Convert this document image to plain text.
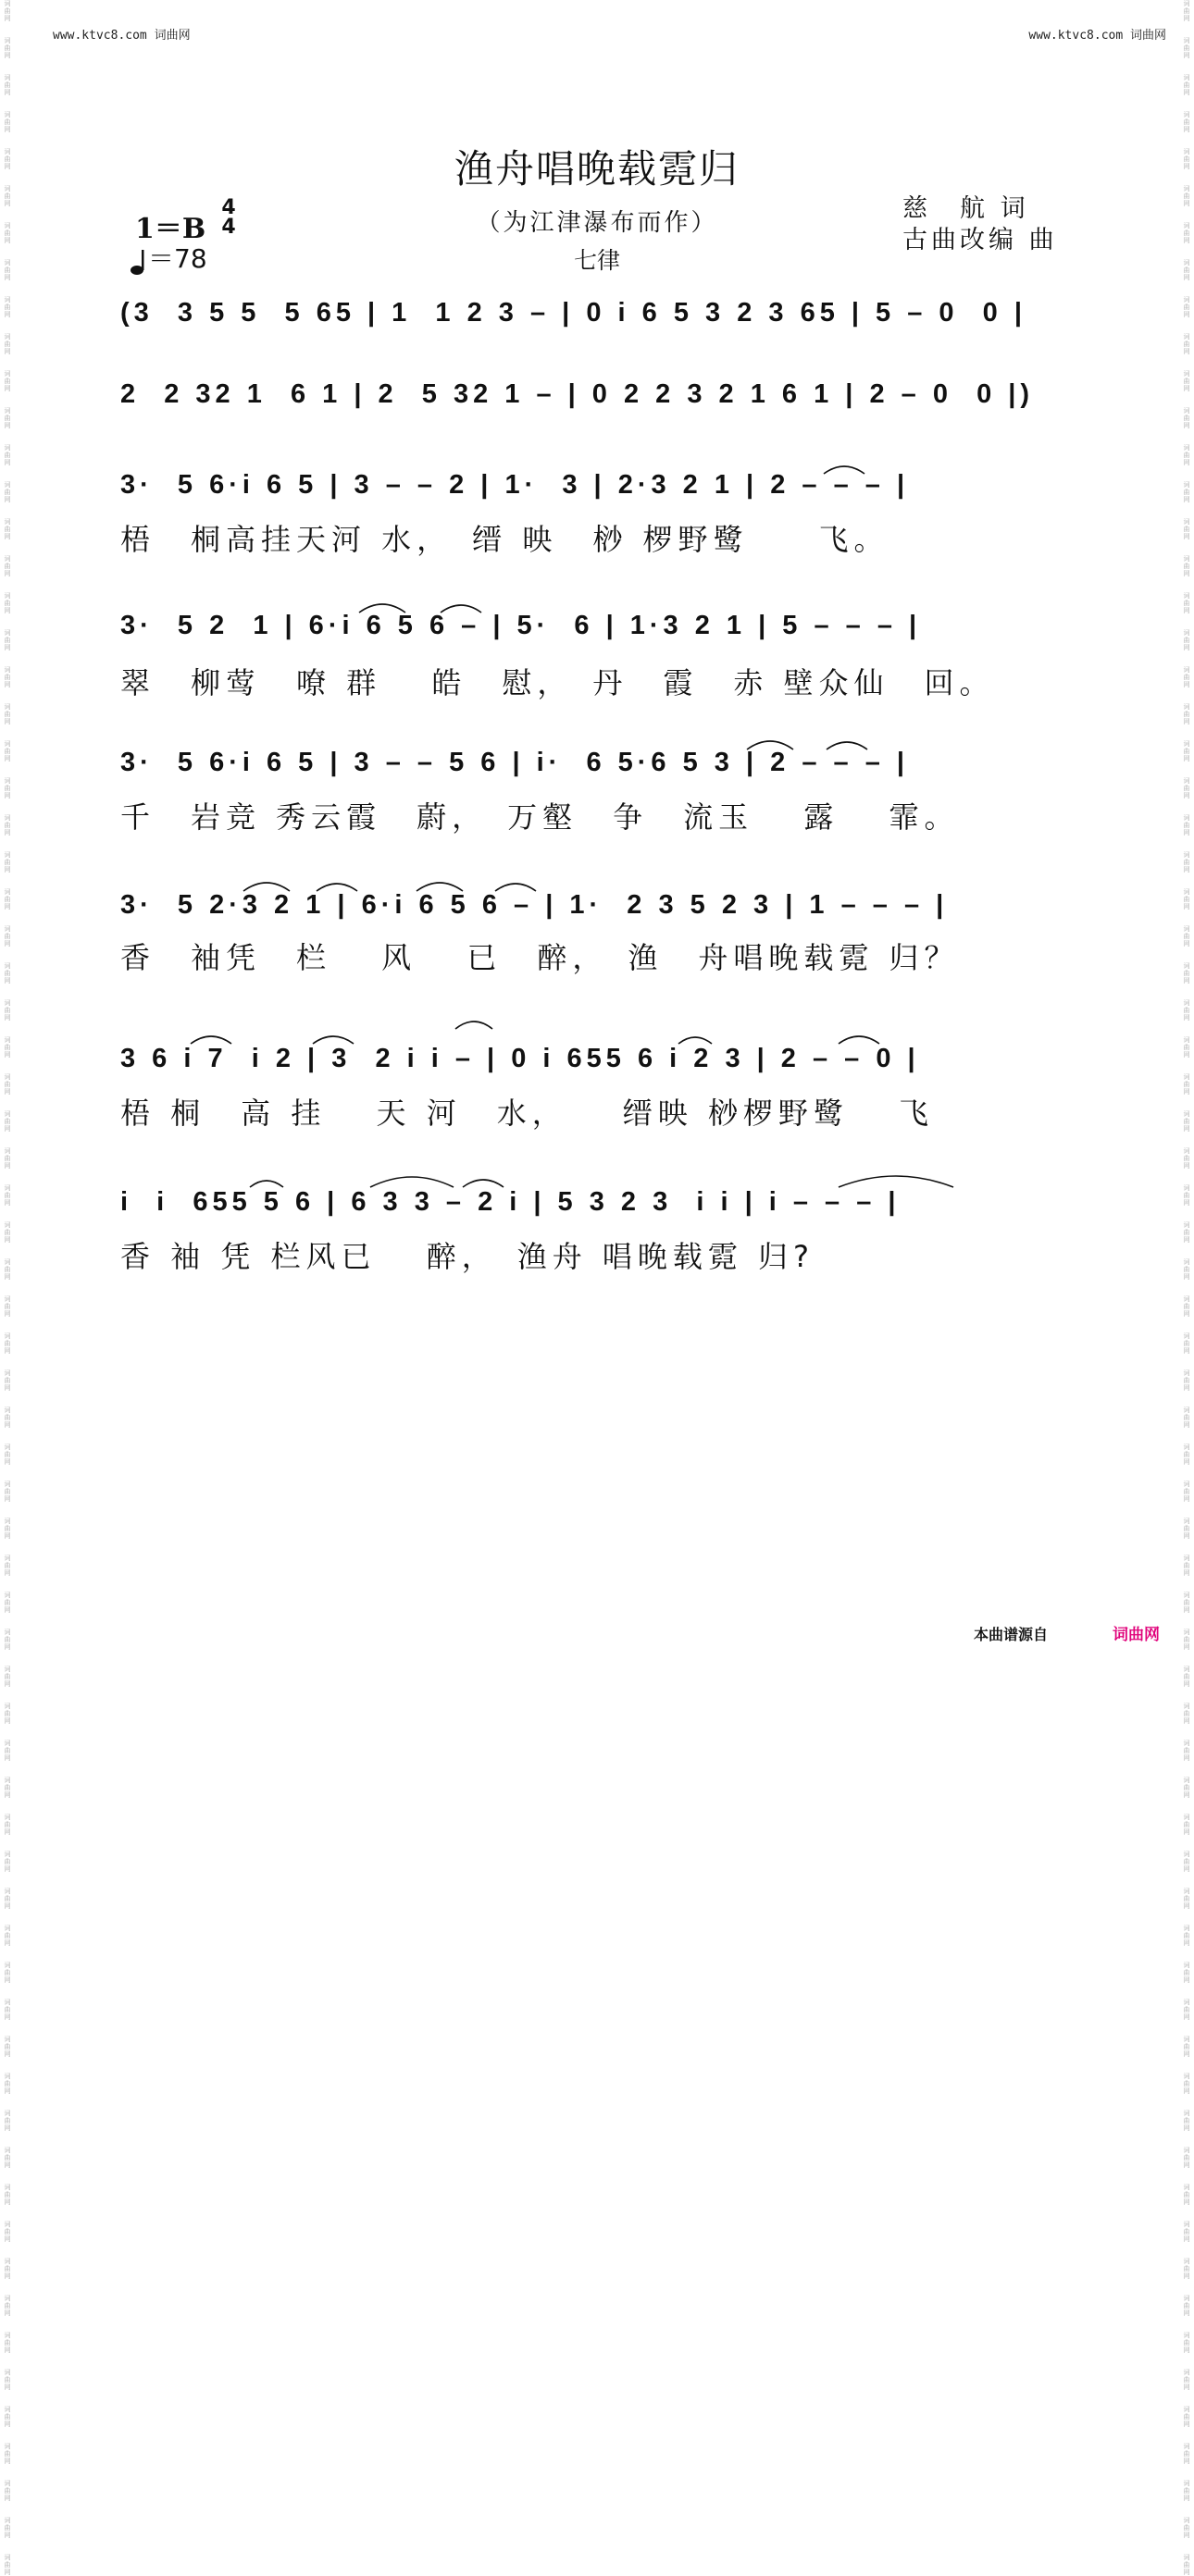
词
曲
网

词
曲
网

词
曲
网

词
曲
网

词
曲
网

词
曲
网

词
曲
网

词
曲
网

词
曲
网

词
曲
网

词
曲
网

词
曲
网

词
曲
网

词
曲
网

词
曲
网

词
曲
网

词
曲
网

词
曲
网

词
曲
网

词
曲
网

词
曲
网

词
曲
网

词
曲
网

词
曲
网

词
曲
网

词
曲
网

词
曲
网

词
曲
网

词
曲
网

词
曲
网

词
曲
网

词
曲
网

词
曲
网

词
曲
网

词
曲
网

词
曲
网

词
曲
网

词
曲
网

词
曲
网

词
曲
网

词
曲
网

词
曲
网

词
曲
网

词
曲
网

词
曲
网

词
曲
网

词
曲
网

词
曲
网

词
曲
网

词
曲
网

词
曲
网

词
曲
网

词
曲
网

词
曲
网

词
曲
网

词
曲
网

词
曲
网

词
曲
网

词
曲
网

词
曲
网

词
曲
网

词
曲
网

词
曲
网

词
曲
网

词
曲
网

词
曲
网

词
曲
网

词
曲
网

词
曲
网

词
曲
网

词
曲
网

词
曲
网

词
曲
网

词
曲
网

词
曲
网

词
曲
网

词
曲
网

词
曲
网

词
曲
网

词
曲
网

词
曲
网

词
曲
网

词
曲
网

词
曲
网

词
曲
网

词
曲
网

词
曲
网

词
曲
网

词
曲
网

词
曲
网

词
曲
网

词
曲
网

词
曲
网

词
曲
网

词
曲
网

词
曲
网

词
曲
网

词
曲
网

词
曲
网

词
曲
网

词
曲
网

词
曲
网

词
曲
网

词
曲
网

词
曲
网

词
曲
网

词
曲
网

词
曲
网

词
曲
网

词
曲
网

词
曲
网

词
曲
网

词
曲
网

词
曲
网

词
曲
网

词
曲
网

词
曲
网

词
曲
网

词
曲
网

词
曲
网

词
曲
网

词
曲
网

词
曲
网

词
曲
网

词
曲
网

词
曲
网

词
曲
网

词
曲
网

词
曲
网

词
曲
网

词
曲
网

词
曲
网

词
曲
网

词
曲
网

词
曲
网

词
曲
网

词
曲
网

词
曲
网

词
曲
网

词
曲
网

www.ktvc8.com 词曲网	www.ktvc8.com 词曲网
渔舟唱晚载霓归
（为江津瀑布而作）
七律
慈　航 词
古曲改编 曲
1＝B
4
4
＝78
(3  3 5 5  5 65 | 1  1 2 3 – | 0 i 6 5 3 2 3 65 | 5 – 0  0 |
2  2 32 1  6 1 | 2  5 32 1 – | 0 2 2 3 2 1 6 1 | 2 – 0  0 |)
3·  5 6·i 6 5 | 3 – – 2 | 1·  3 | 2·3 2 1 | 2 – – – |
梧　桐高挂天河 水，　缙 映　桫 椤野鹭　　飞。
3·  5 2  1 | 6·i 6 5 6 – | 5·  6 | 1·3 2 1 | 5 – – – |
翠　柳莺　嘹 群　 皓　慰，　丹　霞　赤 壁众仙　回。
3·  5 6·i 6 5 | 3 – – 5 6 | i·  6 5·6 5 3 | 2 – – – |
千　岩竞 秀云霞　蔚，　万壑　争　流玉　 露　 霏。
3·  5 2·3 2 1 | 6·i 6 5 6 – | 1·  2 3 5 2 3 | 1 – – – |
香　袖凭　栏　 风　 已　醉，　渔　舟唱晚载霓 归？
3 6 i 7  i 2 | 3  2 i i – | 0 i 655 6 i 2 3 | 2 – – 0 |
梧 桐　高 挂　 天 河　水，　　缙映 桫椤野鹭　 飞
i  i  655 5 6 | 6 3 3 – 2 i | 5 3 2 3  i i | i – – – |
香 袖 凭 栏风已　 醉，　渔舟 唱晚载霓 归?
本曲谱源自	词曲网
